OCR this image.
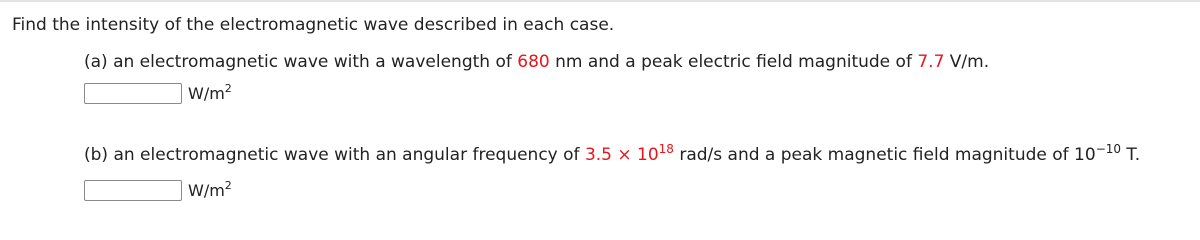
Find the intensity of the electromagnetic wave described in each case.
(a) an electromagnetic wave with a wavelength of 680 nm and a peak electric field magnitude of 7.7 V/m.
$W/m^2$
(b) an electromagnetic wave with an angular frequency of $3.5 \times 10^{18}$ rad/s and a peak magnetic field magnitude of $10^{-10}$ T.
$W/m^2$
